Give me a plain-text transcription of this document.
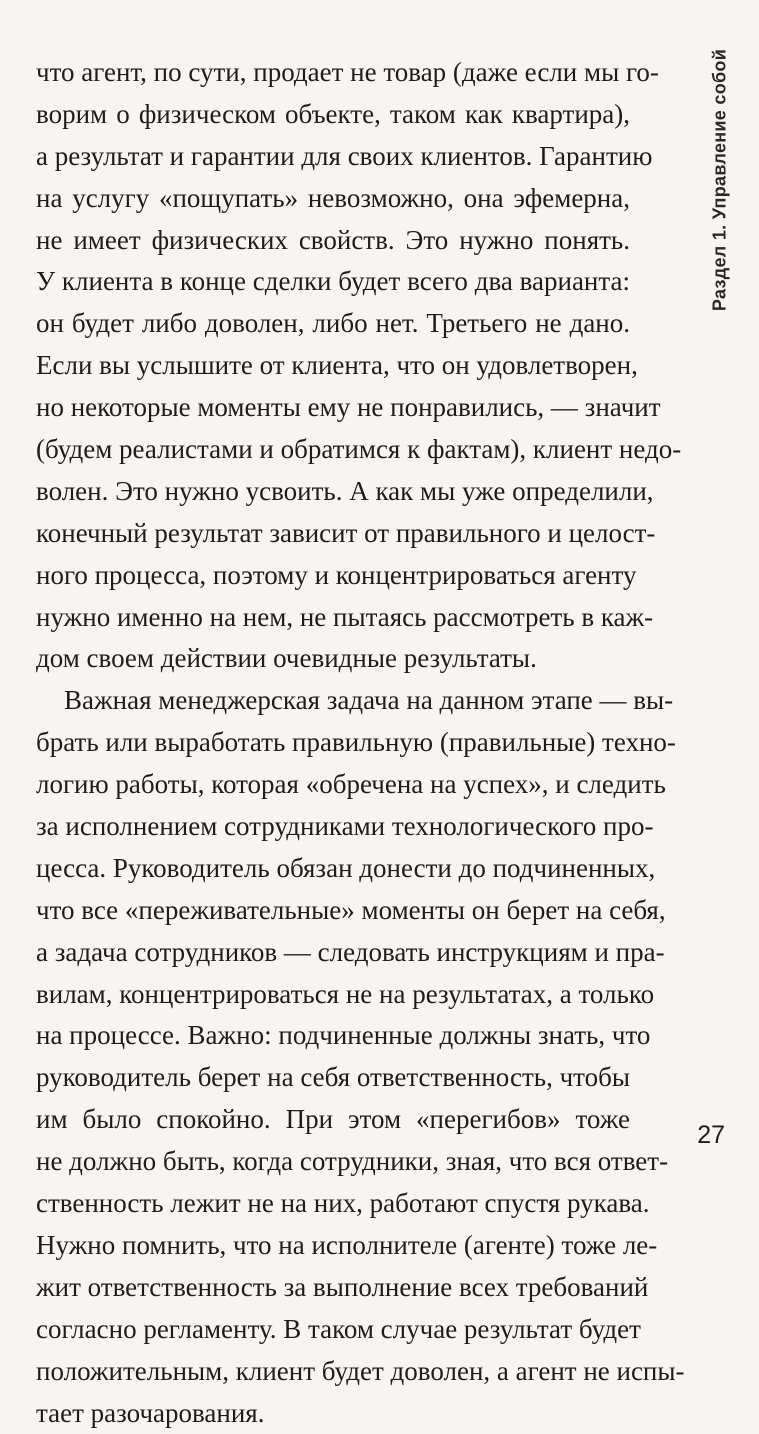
Раздел 1. Управление собой
что агент, по сути, продает не товар (даже если мы го-
ворим о физическом объекте, таком как квартира),
а результат и гарантии для своих клиентов. Гарантию
на услугу «пощупать» невозможно, она эфемерна,
не имеет физических свойств. Это нужно понять.
У клиента в конце сделки будет всего два варианта:
он будет либо доволен, либо нет. Третьего не дано.
Если вы услышите от клиента, что он удовлетворен,
но некоторые моменты ему не понравились, — значит
(будем реалистами и обратимся к фактам), клиент недо-
волен. Это нужно усвоить. А как мы уже определили,
конечный результат зависит от правильного и целост-
ного процесса, поэтому и концентрироваться агенту
нужно именно на нем, не пытаясь рассмотреть в каж-
дом своем действии очевидные результаты.
Важная менеджерская задача на данном этапе — вы-
брать или выработать правильную (правильные) техно-
логию работы, которая «обречена на успех», и следить
за исполнением сотрудниками технологического про-
цесса. Руководитель обязан донести до подчиненных,
что все «переживательные» моменты он берет на себя,
а задача сотрудников — следовать инструкциям и пра-
вилам, концентрироваться не на результатах, а только
на процессе. Важно: подчиненные должны знать, что
руководитель берет на себя ответственность, чтобы
им было спокойно. При этом «перегибов» тоже
не должно быть, когда сотрудники, зная, что вся ответ-
ственность лежит не на них, работают спустя рукава.
Нужно помнить, что на исполнителе (агенте) тоже ле-
жит ответственность за выполнение всех требований
согласно регламенту. В таком случае результат будет
положительным, клиент будет доволен, а агент не испы-
тает разочарования.
27
